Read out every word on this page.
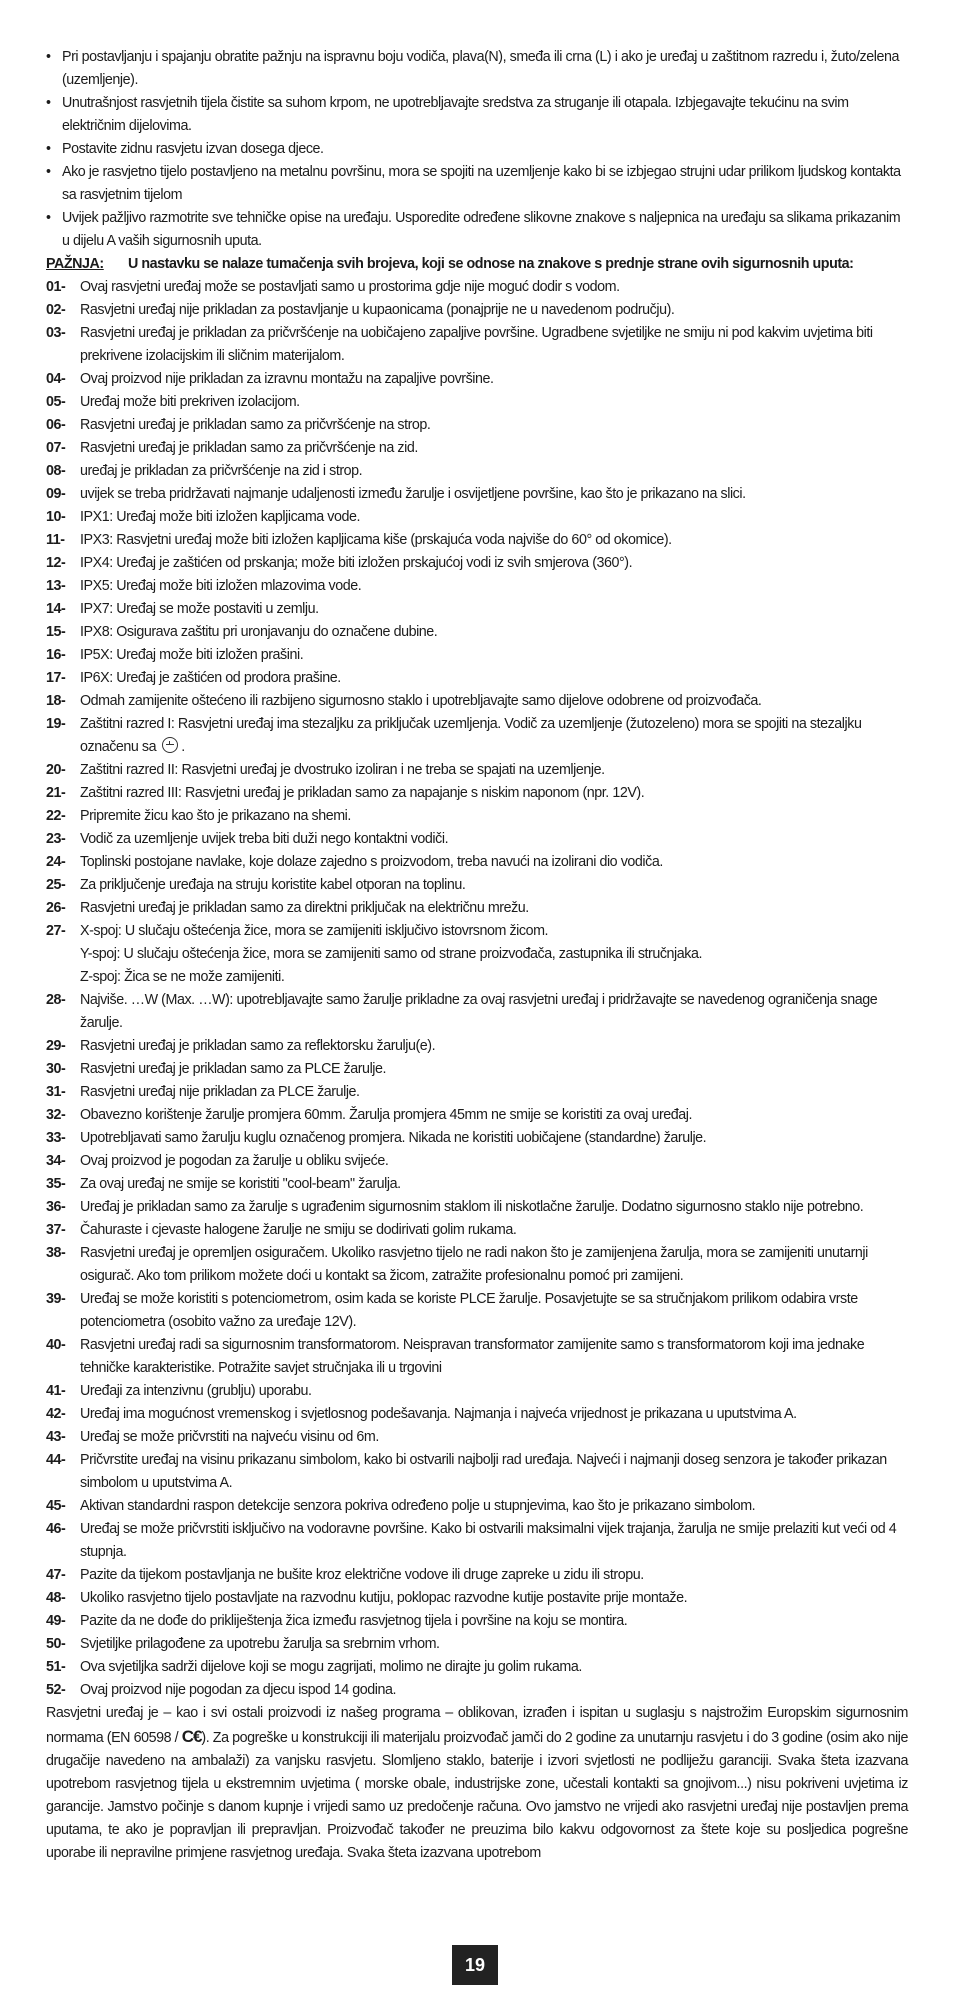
• Pri postavljanju i spajanju obratite pažnju na ispravnu boju vodiča, plava(N), smeđa ili crna (L) i ako je uređaj u zaštitnom razredu i, žuto/zelena (uzemljenje).
• Unutrašnjost rasvjetnih tijela čistite sa suhom krpom, ne upotrebljavajte sredstva za struganje ili otapala. Izbjegavajte tekućinu na svim električnim dijelovima.
• Postavite zidnu rasvjetu izvan dosega djece.
• Ako je rasvjetno tijelo postavljeno na metalnu površinu, mora se spojiti na uzemljenje kako bi se izbjegao strujni udar prilikom ljudskog kontakta sa rasvjetnim tijelom
• Uvijek pažljivo razmotrite sve tehničke opise na uređaju. Usporedite određene slikovne znakove s naljepnica na uređaju sa slikama prikazanim u dijelu A vaših sigurnosnih uputa.
PAŽNJA:	U nastavku se nalaze tumačenja svih brojeva, koji se odnose na znakove s prednje strane ovih sigurnosnih uputa:
01- Ovaj rasvjetni uređaj može se postavljati samo u prostorima gdje nije moguć dodir s vodom.
02- Rasvjetni uređaj nije prikladan za postavljanje u kupaonicama (ponajprije ne u navedenom području).
03- Rasvjetni uređaj je prikladan za pričvršćenje na uobičajeno zapaljive površine. Ugradbene svjetiljke ne smiju ni pod kakvim uvjetima biti prekrivene izolacijskim ili sličnim materijalom.
04- Ovaj proizvod nije prikladan za izravnu montažu na zapaljive površine.
05- Uređaj može biti prekriven izolacijom.
06- Rasvjetni uređaj je prikladan samo za pričvršćenje na strop.
07- Rasvjetni uređaj je prikladan samo za pričvršćenje na zid.
08- uređaj je prikladan za pričvršćenje na zid i strop.
09- uvijek se treba pridržavati najmanje udaljenosti između žarulje i osvijetljene površine, kao što je prikazano na slici.
10- IPX1: Uređaj može biti izložen kapljicama vode.
11- IPX3: Rasvjetni uređaj može biti izložen kapljicama kiše (prskajuća voda najviše do 60° od okomice).
12- IPX4: Uređaj je zaštićen od prskanja; može biti izložen prskajućoj vodi iz svih smjerova (360°).
13- IPX5: Uređaj može biti izložen mlazovima vode.
14- IPX7: Uređaj se može postaviti u zemlju.
15- IPX8: Osigurava zaštitu pri uronjavanju do označene dubine.
16- IP5X: Uređaj može biti izložen prašini.
17- IP6X: Uređaj je zaštićen od prodora prašine.
18- Odmah zamijenite oštećeno ili razbijeno sigurnosno staklo i upotrebljavajte samo dijelove odobrene od proizvođača.
19- Zaštitni razred I: Rasvjetni uređaj ima stezaljku za priključak uzemljenja. Vodič za uzemljenje (žutozeleno) mora se spojiti na stezaljku označenu sa .
20- Zaštitni razred II: Rasvjetni uređaj je dvostruko izoliran i ne treba se spajati na uzemljenje.
21- Zaštitni razred III: Rasvjetni uređaj je prikladan samo za napajanje s niskim naponom (npr. 12V).
22- Pripremite žicu kao što je prikazano na shemi.
23- Vodič za uzemljenje uvijek treba biti duži nego kontaktni vodiči.
24- Toplinski postojane navlake, koje dolaze zajedno s proizvodom, treba navući na izolirani dio vodiča.
25- Za priključenje uređaja na struju koristite kabel otporan na toplinu.
26- Rasvjetni uređaj je prikladan samo za direktni priključak na električnu mrežu.
27- X-spoj: U slučaju oštećenja žice, mora se zamijeniti isključivo istovrsnom žicom.
Y-spoj: U slučaju oštećenja žice, mora se zamijeniti samo od strane proizvođača, zastupnika ili stručnjaka.
Z-spoj: Žica se ne može zamijeniti.
28- Najviše. …W (Max. …W): upotrebljavajte samo žarulje prikladne za ovaj rasvjetni uređaj i pridržavajte se navedenog ograničenja snage žarulje.
29- Rasvjetni uređaj je prikladan samo za reflektorsku žarulju(e).
30- Rasvjetni uređaj je prikladan samo za PLCE žarulje.
31- Rasvjetni uređaj nije prikladan za PLCE žarulje.
32- Obavezno korištenje žarulje promjera 60mm. Žarulja promjera 45mm ne smije se koristiti za ovaj uređaj.
33- Upotrebljavati samo žarulju kuglu označenog promjera. Nikada ne koristiti uobičajene (standardne) žarulje.
34- Ovaj proizvod je pogodan za žarulje u obliku svijeće.
35- Za ovaj uređaj ne smije se koristiti "cool-beam" žarulja.
36- Uređaj je prikladan samo za žarulje s ugrađenim sigurnosnim staklom ili niskotlačne žarulje. Dodatno sigurnosno staklo nije potrebno.
37- Čahuraste i cjevaste halogene žarulje ne smiju se dodirivati golim rukama.
38- Rasvjetni uređaj je opremljen osiguračem. Ukoliko rasvjetno tijelo ne radi nakon što je zamijenjena žarulja, mora se zamijeniti unutarnji osigurač. Ako tom prilikom možete doći u kontakt sa žicom, zatražite profesionalnu pomoć pri zamijeni.
39- Uređaj se može koristiti s potenciometrom, osim kada se koriste PLCE žarulje. Posavjetujte se sa stručnjakom prilikom odabira vrste potenciometra (osobito važno za uređaje 12V).
40- Rasvjetni uređaj radi sa sigurnosnim transformatorom. Neispravan transformator zamijenite samo s transformatorom koji ima jednake tehničke karakteristike. Potražite savjet stručnjaka ili u trgovini
41- Uređaji za intenzivnu (grublju) uporabu.
42- Uređaj ima mogućnost vremenskog i svjetlosnog podešavanja. Najmanja i najveća vrijednost je prikazana u uputstvima A.
43- Uređaj se može pričvrstiti na najveću visinu od 6m.
44- Pričvrstite uređaj na visinu prikazanu simbolom, kako bi ostvarili najbolji rad uređaja. Najveći i najmanji doseg senzora je također prikazan simbolom u uputstvima A.
45- Aktivan standardni raspon detekcije senzora pokriva određeno polje u stupnjevima, kao što je prikazano simbolom.
46- Uređaj se može pričvrstiti isključivo na vodoravne površine. Kako bi ostvarili maksimalni vijek trajanja, žarulja ne smije prelaziti kut veći od 4 stupnja.
47- Pazite da tijekom postavljanja ne bušite kroz električne vodove ili druge zapreke u zidu ili stropu.
48- Ukoliko rasvjetno tijelo postavljate na razvodnu kutiju, poklopac razvodne kutije postavite prije montaže.
49- Pazite da ne dođe do prikliještenja žica između rasvjetnog tijela i površine na koju se montira.
50- Svjetiljke prilagođene za upotrebu žarulja sa srebrnim vrhom.
51- Ova svjetiljka sadrži dijelove koji se mogu zagrijati, molimo ne dirajte ju golim rukama.
52- Ovaj proizvod nije pogodan za djecu ispod 14 godina.
Rasvjetni uređaj je – kao i svi ostali proizvodi iz našeg programa – oblikovan, izrađen i ispitan u suglasju s najstrožim Europskim sigurnosnim normama (EN 60598 / C€). Za pogreške u konstrukciji ili materijalu proizvođač jamči do 2 godine za unutarnju rasvjetu i do 3 godine (osim ako nije drugačije navedeno na ambalaži) za vanjsku rasvjetu. Slomljeno staklo, baterije i izvori svjetlosti ne podliježu garanciji. Svaka šteta izazvana upotrebom rasvjetnog tijela u ekstremnim uvjetima ( morske obale, industrijske zone, učestali kontakti sa gnojivom...) nisu pokriveni uvjetima iz garancije. Jamstvo počinje s danom kupnje i vrijedi samo uz predočenje računa. Ovo jamstvo ne vrijedi ako rasvjetni uređaj nije postavljen prema uputama, te ako je popravljan ili prepravljan. Proizvođač također ne preuzima bilo kakvu odgovornost za štete koje su posljedica pogrešne uporabe ili nepravilne primjene rasvjetnog uređaja. Svaka šteta izazvana upotrebom
19
